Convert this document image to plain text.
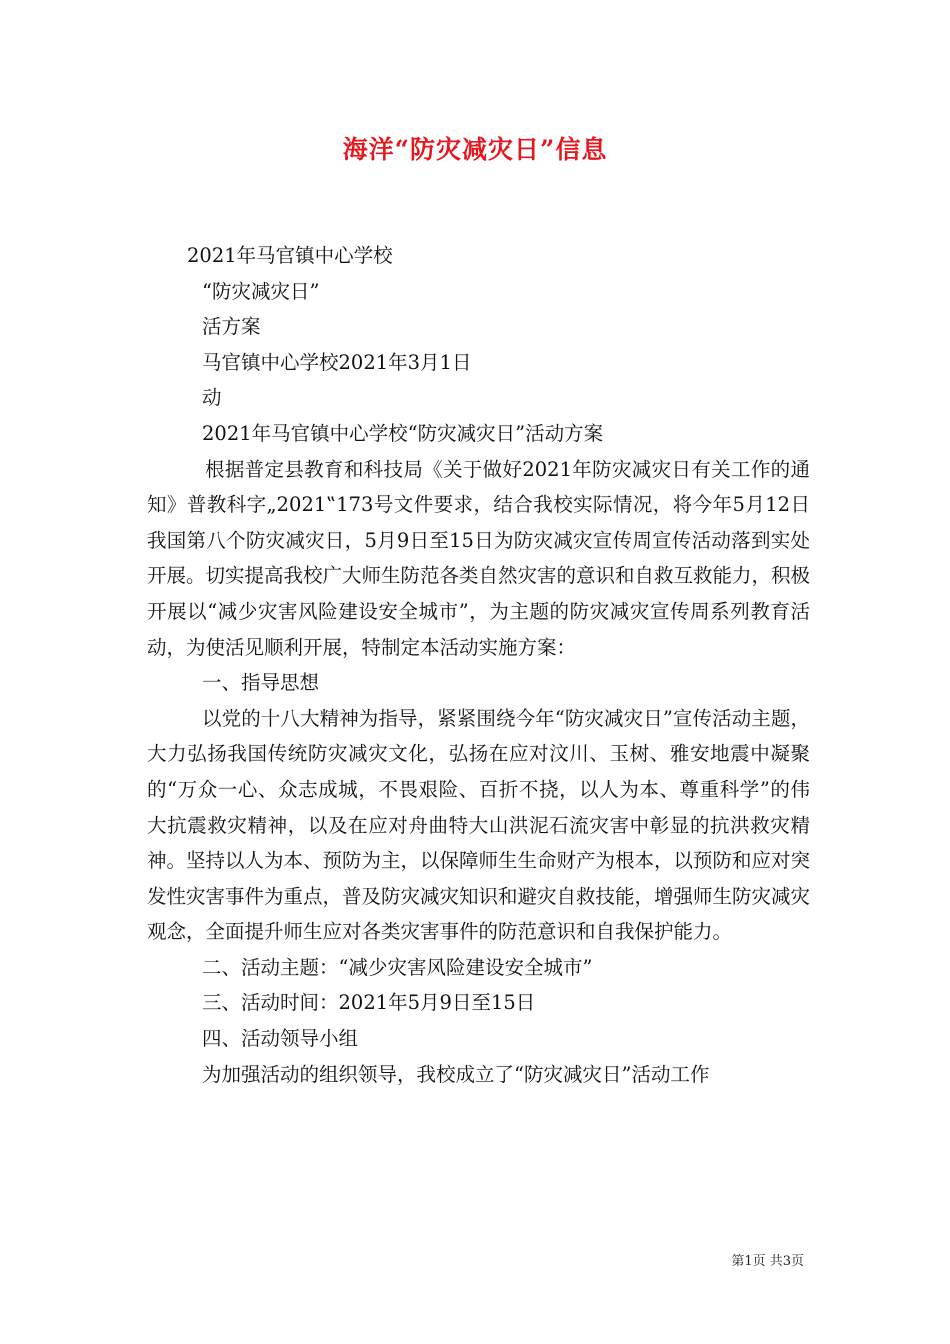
海洋“防灾减灾日”信息

2021年马官镇中心学校

“防灾减灾日”

活方案

马官镇中心学校2021年3月1日

动

2021年马官镇中心学校“防灾减灾日”活动方案

根据普定县教育和科技局《关于做好2021年防灾减灾日有关工作的通知》普教科字„2021‟173号文件要求，结合我校实际情况，将今年5月12日我国第八个防灾减灾日，5月9日至15日为防灾减灾宣传周宣传活动落到实处开展。切实提高我校广大师生防范各类自然灾害的意识和自救互救能力，积极开展以“减少灾害风险建设安全城市”，为主题的防灾减灾宣传周系列教育活动，为使活见顺利开展，特制定本活动实施方案：

一、指导思想

以党的十八大精神为指导，紧紧围绕今年“防灾减灾日”宣传活动主题，大力弘扬我国传统防灾减灾文化，弘扬在应对汶川、玉树、雅安地震中凝聚的“万众一心、众志成城，不畏艰险、百折不挠，以人为本、尊重科学”的伟大抗震救灾精神，以及在应对舟曲特大山洪泥石流灾害中彰显的抗洪救灾精神。坚持以人为本、预防为主，以保障师生生命财产为根本，以预防和应对突发性灾害事件为重点，普及防灾减灾知识和避灾自救技能，增强师生防灾减灾观念，全面提升师生应对各类灾害事件的防范意识和自我保护能力。

二、活动主题：“减少灾害风险建设安全城市”

三、活动时间：2021年5月9日至15日

四、活动领导小组

为加强活动的组织领导，我校成立了“防灾减灾日”活动工作

第1页 共3页
